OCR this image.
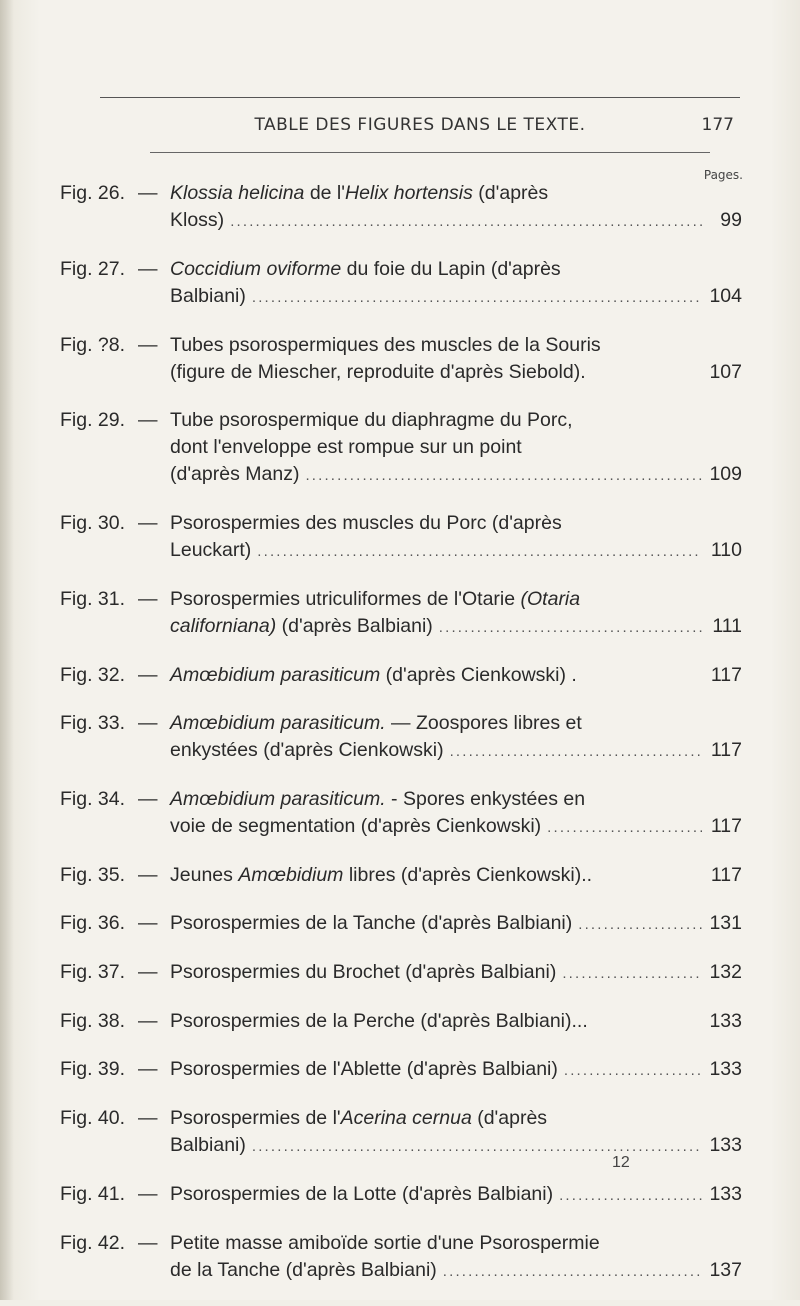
TABLE DES FIGURES DANS LE TEXTE.	177
Pages.
Fig. 26. — Klossia helicina de l'Helix hortensis (d'après
Kloss) . . .	99
Fig. 27. — Coccidium oviforme du foie du Lapin (d'après
Balbiani) . . .	104
Fig. ?8. — Tubes psorospermiques des muscles de la Souris
(figure de Miescher, reproduite d'après Siebold).	107
Fig. 29. — Tube psorospermique du diaphragme du Porc,
dont l'enveloppe est rompue sur un point
(d'après Manz) . . .	109
Fig. 30. — Psorospermies des muscles du Porc (d'après
Leuckart) . . .	110
Fig. 31. — Psorospermies utriculiformes de l'Otarie (Otaria
californiana) (d'après Balbiani) . . .	111
Fig. 32. — Amœbidium parasiticum (d'après Cienkowski) .	117
Fig. 33. — Amœbidium parasiticum. — Zoospores libres et
enkystées (d'après Cienkowski) . . .	117
Fig. 34. — Amœbidium parasiticum. - Spores enkystées en
voie de segmentation (d'après Cienkowski) . . .	117
Fig. 35. — Jeunes Amœbidium libres (d'après Cienkowski)..	117
Fig. 36. — Psorospermies de la Tanche (d'après Balbiani) . . .	131
Fig. 37. — Psorospermies du Brochet (d'après Balbiani) . . .	132
Fig. 38. — Psorospermies de la Perche (d'après Balbiani)...	133
Fig. 39. — Psorospermies de l'Ablette (d'après Balbiani) . . .	133
Fig. 40. — Psorospermies de l'Acerina cernua (d'après
Balbiani) . . .	133
Fig. 41. — Psorospermies de la Lotte (d'après Balbiani) . . .	133
Fig. 42. — Petite masse amiboïde sortie d'une Psorospermie
de la Tanche (d'après Balbiani) . . .	137
12
